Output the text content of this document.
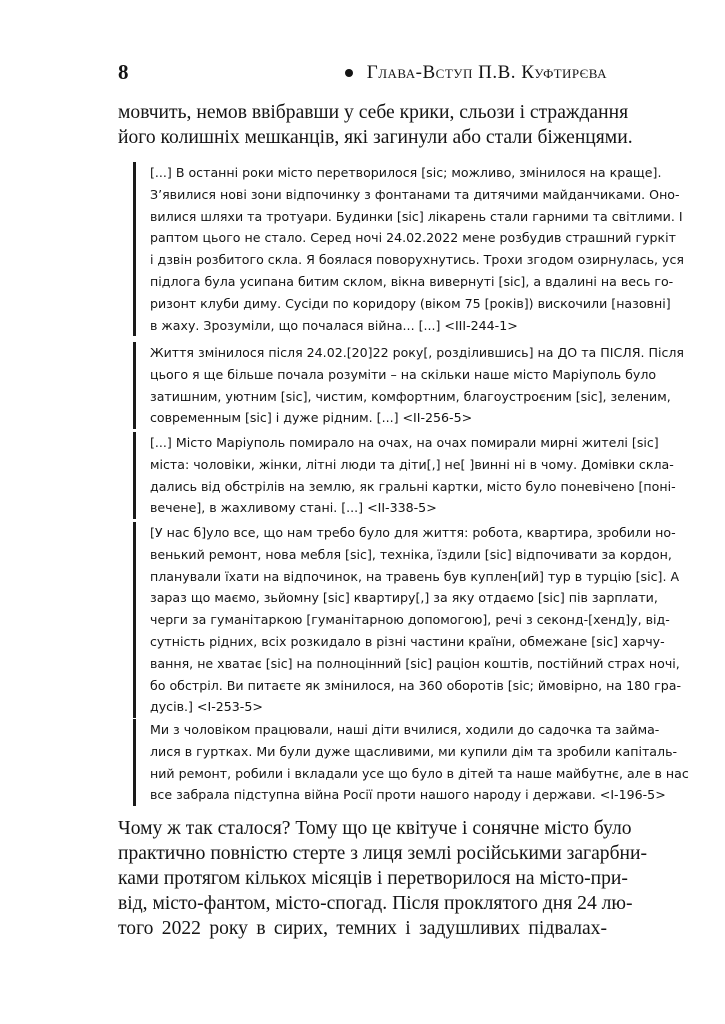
8	Глава-Вступ П.В. Куфтирєва
мовчить, немов ввібравши у себе крики, сльози і страждання
його колишніх мешканців, які загинули або стали біженцями.
[...] В останні роки місто перетворилося [sic; можливо, змінилося на краще].
З’явилися нові зони відпочинку з фонтанами та дитячими майданчиками. Оно-
вилися шляхи та тротуари. Будинки [sic] лікарень стали гарними та світлими. І
раптом цього не стало. Серед ночі 24.02.2022 мене розбудив страшний гуркіт
і дзвін розбитого скла. Я боялася поворухнутись. Трохи згодом озирнулась, уся
підлога була усипана битим склом, вікна вивернуті [sic], а вдалині на весь го-
ризонт клуби диму. Сусіди по коридору (віком 75 [років]) вискочили [назовні]
в жаху. Зрозуміли, що почалася війна... [...] <ІІІ-244-1>
Життя змінилося після 24.02.[20]22 року[, розділившись] на ДО та ПІСЛЯ. Після
цього я ще більше почала розуміти – на скільки наше місто Маріуполь було
затишним, уютним [sic], чистим, комфортним, благоустроєним [sic], зеленим,
современным [sic] і дуже рідним. [...] <ІІ-256-5>
[...] Місто Маріуполь помирало на очах, на очах помирали мирні жителі [sic]
міста: чоловіки, жінки, літні люди та діти[,] не[ ]винні ні в чому. Домівки скла-
дались від обстрілів на землю, як гральні картки, місто було поневічено [поні-
вечене], в жахливому стані. [...] <ІІ-338-5>
[У нас б]уло все, що нам требо було для життя: робота, квартира, зробили но-
венький ремонт, нова мебля [sic], техніка, їздили [sic] відпочивати за кордон,
планували їхати на відпочинок, на травень був куплен[ий] тур в турцію [sic]. А
зараз що маємо, зьйомну [sic] квартиру[,] за яку отдаємо [sic] пів зарплати,
черги за гуманітаркою [гуманітарною допомогою], речі з секонд-[хенд]у, від-
сутність рідних, всіх розкидало в різні частини країни, обмежане [sic] харчу-
вання, не хватає [sic] на полноцінний [sic] раціон коштів, постійний страх ночі,
бо обстріл. Ви питаєте як змінилося, на 360 оборотів [sic; ймовірно, на 180 гра-
дусів.] <І-253-5>
Ми з чоловіком працювали, наші діти вчилися, ходили до садочка та займа-
лися в гуртках. Ми були дуже щасливими, ми купили дім та зробили капіталь-
ний ремонт, робили і вкладали усе що було в дітей та наше майбутнє, але в нас
все забрала підступна війна Росії проти нашого народу і держави. <І-196-5>
Чому ж так сталося? Тому що це квітуче і сонячне місто було
практично повністю стерте з лиця землі російськими загарбни-
ками протягом кількох місяців і перетворилося на місто-при-
від, місто-фантом, місто-спогад. Після проклятого дня 24 лю-
того 2022 року в сирих, темних і задушливих підвалах-
